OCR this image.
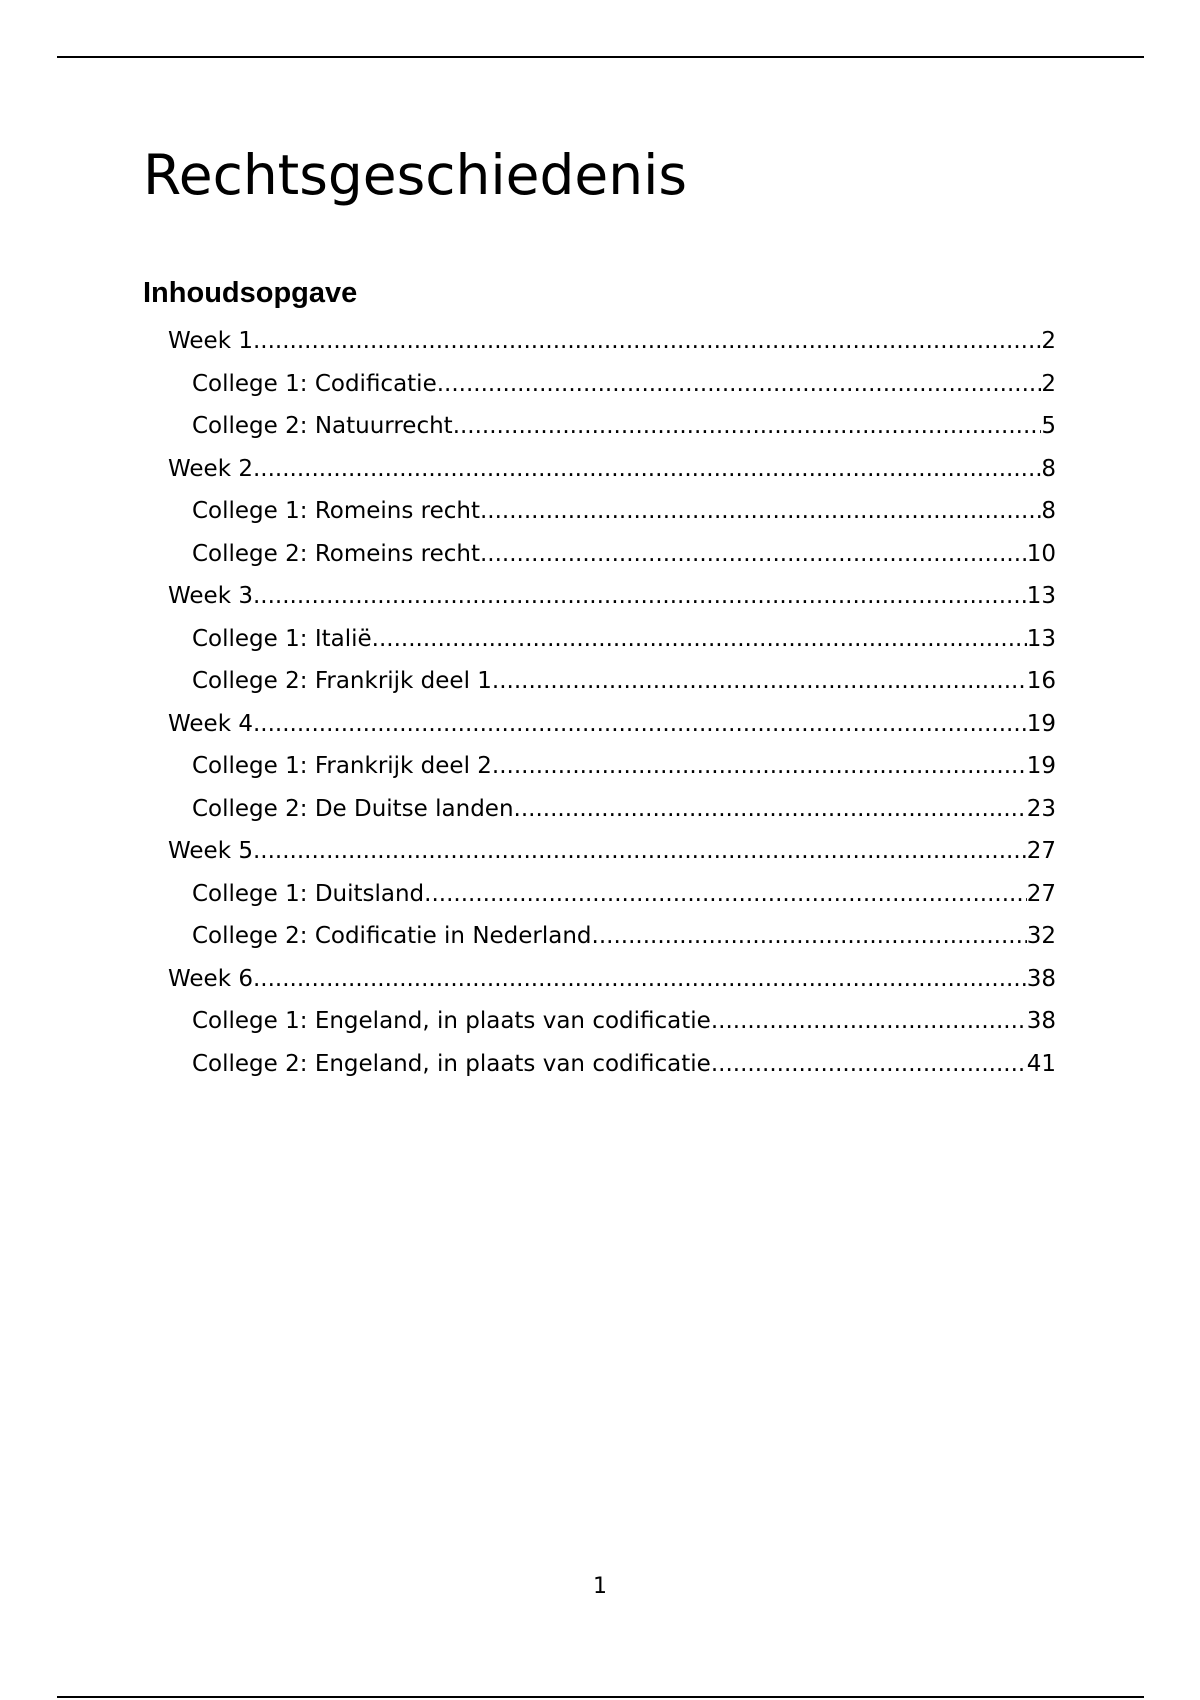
Rechtsgeschiedenis
Inhoudsopgave
Week 1 .....	2
College 1: Codificatie .....	2
College 2: Natuurrecht .....	5
Week 2 .....	8
College 1: Romeins recht .....	8
College 2: Romeins recht .....	10
Week 3 .....	13
College 1: Italië .....	13
College 2: Frankrijk deel 1 .....	16
Week 4 .....	19
College 1: Frankrijk deel 2 .....	19
College 2: De Duitse landen .....	23
Week 5 .....	27
College 1: Duitsland .....	27
College 2: Codificatie in Nederland .....	32
Week 6 .....	38
College 1: Engeland, in plaats van codificatie .....	38
College 2: Engeland, in plaats van codificatie .....	41
1
